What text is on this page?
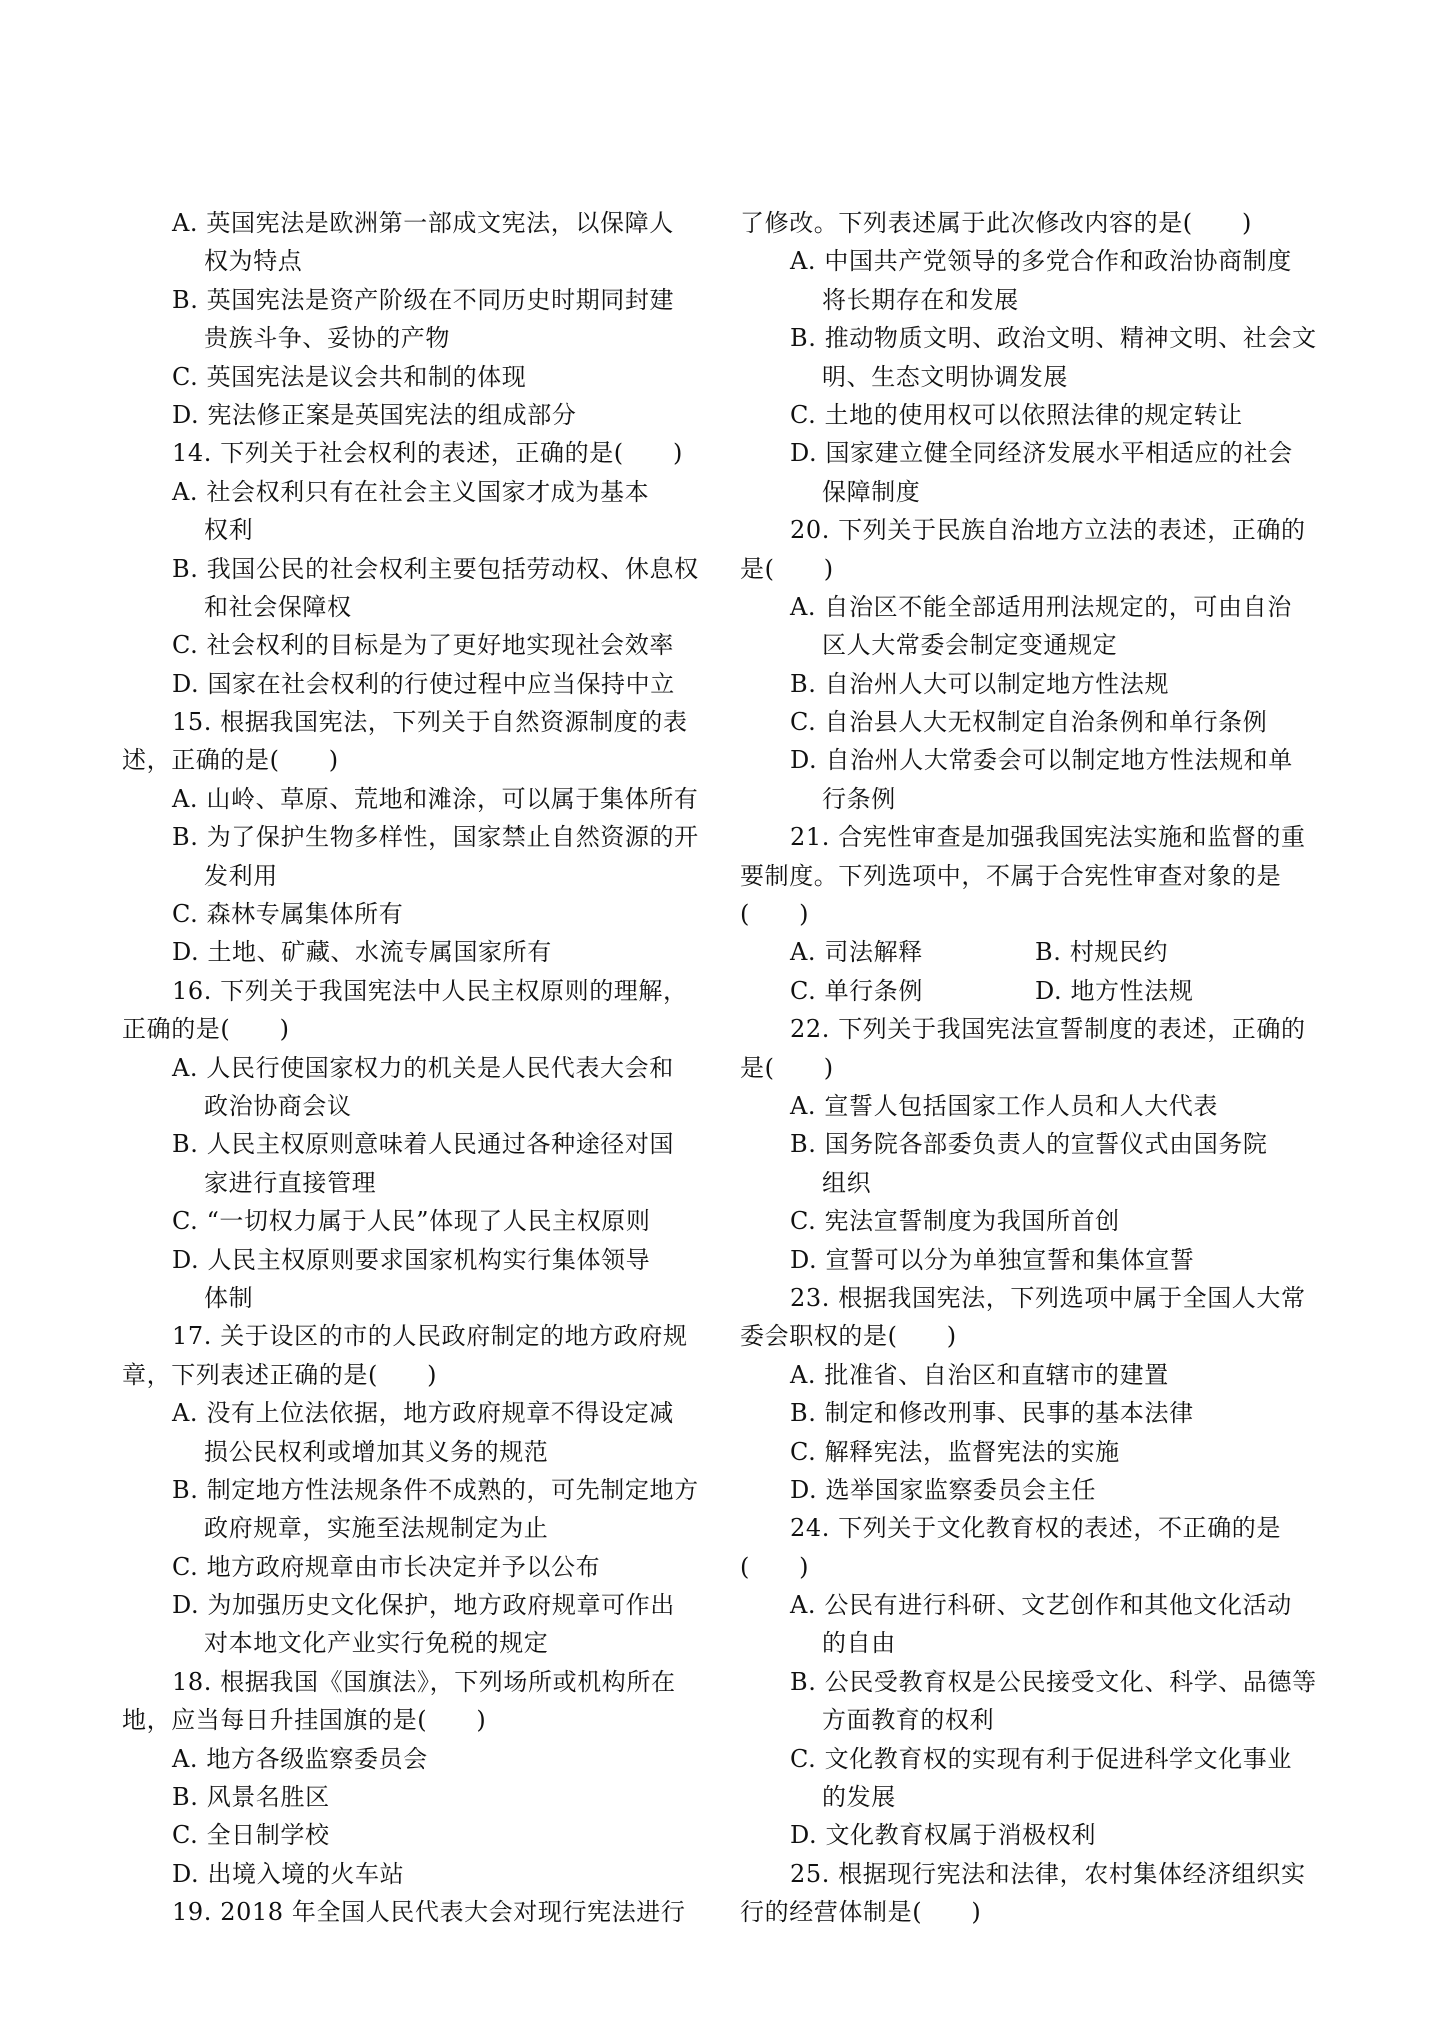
A. 英国宪法是欧洲第一部成文宪法，以保障人
权为特点
B. 英国宪法是资产阶级在不同历史时期同封建
贵族斗争、妥协的产物
C. 英国宪法是议会共和制的体现
D. 宪法修正案是英国宪法的组成部分
14. 下列关于社会权利的表述，正确的是(　　)
A. 社会权利只有在社会主义国家才成为基本
权利
B. 我国公民的社会权利主要包括劳动权、休息权
和社会保障权
C. 社会权利的目标是为了更好地实现社会效率
D. 国家在社会权利的行使过程中应当保持中立
15. 根据我国宪法，下列关于自然资源制度的表
述，正确的是(　　)
A. 山岭、草原、荒地和滩涂，可以属于集体所有
B. 为了保护生物多样性，国家禁止自然资源的开
发利用
C. 森林专属集体所有
D. 土地、矿藏、水流专属国家所有
16. 下列关于我国宪法中人民主权原则的理解，
正确的是(　　)
A. 人民行使国家权力的机关是人民代表大会和
政治协商会议
B. 人民主权原则意味着人民通过各种途径对国
家进行直接管理
C. “一切权力属于人民”体现了人民主权原则
D. 人民主权原则要求国家机构实行集体领导
体制
17. 关于设区的市的人民政府制定的地方政府规
章，下列表述正确的是(　　)
A. 没有上位法依据，地方政府规章不得设定减
损公民权利或增加其义务的规范
B. 制定地方性法规条件不成熟的，可先制定地方
政府规章，实施至法规制定为止
C. 地方政府规章由市长决定并予以公布
D. 为加强历史文化保护，地方政府规章可作出
对本地文化产业实行免税的规定
18. 根据我国《国旗法》，下列场所或机构所在
地，应当每日升挂国旗的是(　　)
A. 地方各级监察委员会
B. 风景名胜区
C. 全日制学校
D. 出境入境的火车站
19. 2018 年全国人民代表大会对现行宪法进行
了修改。下列表述属于此次修改内容的是(　　)
A. 中国共产党领导的多党合作和政治协商制度
将长期存在和发展
B. 推动物质文明、政治文明、精神文明、社会文
明、生态文明协调发展
C. 土地的使用权可以依照法律的规定转让
D. 国家建立健全同经济发展水平相适应的社会
保障制度
20. 下列关于民族自治地方立法的表述，正确的
是(　　)
A. 自治区不能全部适用刑法规定的，可由自治
区人大常委会制定变通规定
B. 自治州人大可以制定地方性法规
C. 自治县人大无权制定自治条例和单行条例
D. 自治州人大常委会可以制定地方性法规和单
行条例
21. 合宪性审查是加强我国宪法实施和监督的重
要制度。下列选项中，不属于合宪性审查对象的是
(　　)
A. 司法解释	B. 村规民约
C. 单行条例	D. 地方性法规
22. 下列关于我国宪法宣誓制度的表述，正确的
是(　　)
A. 宣誓人包括国家工作人员和人大代表
B. 国务院各部委负责人的宣誓仪式由国务院
组织
C. 宪法宣誓制度为我国所首创
D. 宣誓可以分为单独宣誓和集体宣誓
23. 根据我国宪法，下列选项中属于全国人大常
委会职权的是(　　)
A. 批准省、自治区和直辖市的建置
B. 制定和修改刑事、民事的基本法律
C. 解释宪法，监督宪法的实施
D. 选举国家监察委员会主任
24. 下列关于文化教育权的表述，不正确的是
(　　)
A. 公民有进行科研、文艺创作和其他文化活动
的自由
B. 公民受教育权是公民接受文化、科学、品德等
方面教育的权利
C. 文化教育权的实现有利于促进科学文化事业
的发展
D. 文化教育权属于消极权利
25. 根据现行宪法和法律，农村集体经济组织实
行的经营体制是(　　)
